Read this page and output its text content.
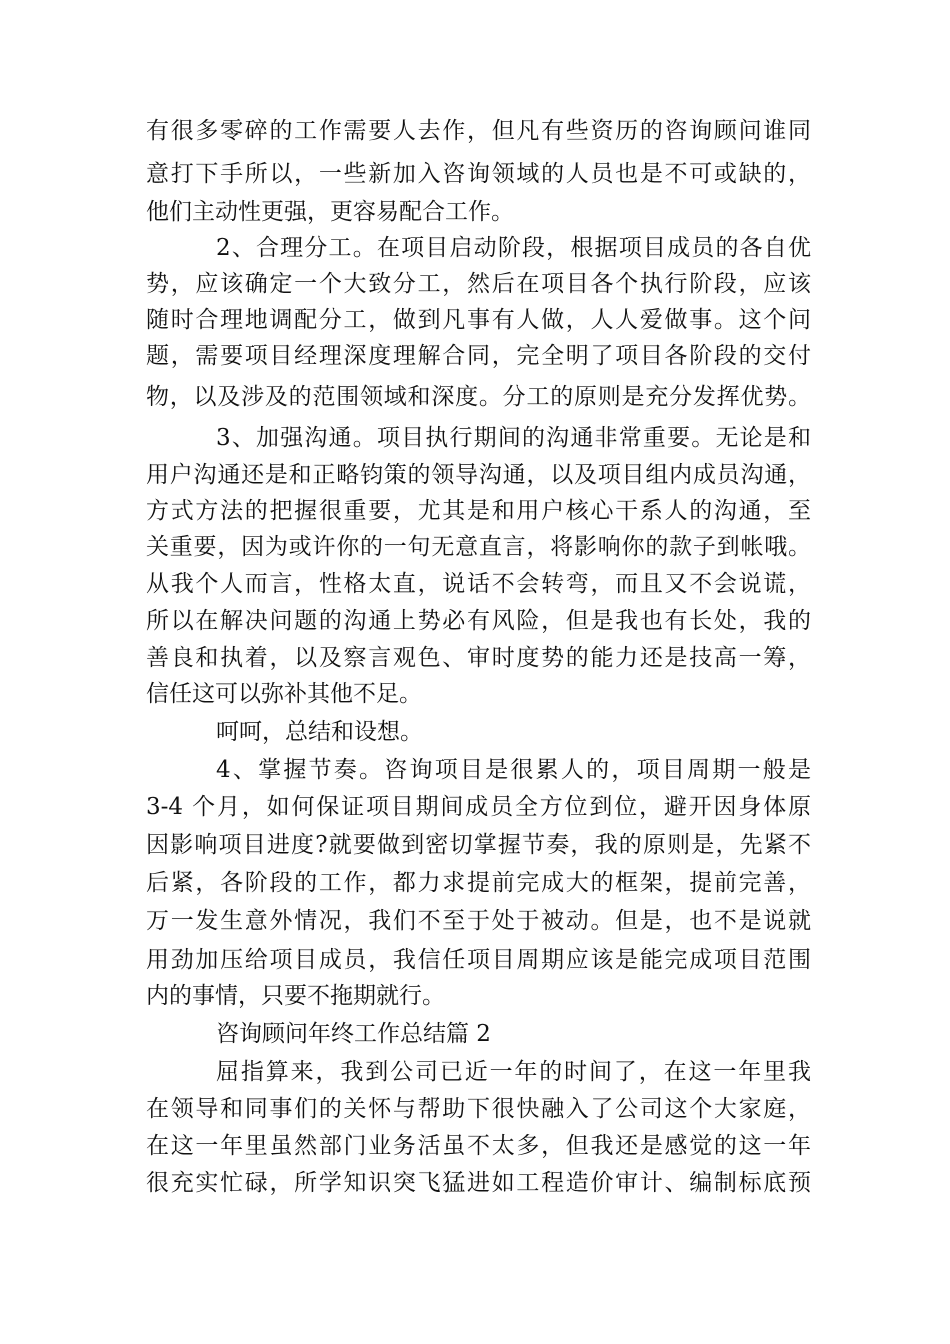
有很多零碎的工作需要人去作，但凡有些资历的咨询顾问谁同
意打下手所以，一些新加入咨询领域的人员也是不可或缺的，
他们主动性更强，更容易配合工作。
2、合理分工。在项目启动阶段，根据项目成员的各自优
势，应该确定一个大致分工，然后在项目各个执行阶段，应该
随时合理地调配分工，做到凡事有人做，人人爱做事。这个问
题，需要项目经理深度理解合同，完全明了项目各阶段的交付
物，以及涉及的范围领域和深度。分工的原则是充分发挥优势。
3、加强沟通。项目执行期间的沟通非常重要。无论是和
用户沟通还是和正略钧策的领导沟通，以及项目组内成员沟通，
方式方法的把握很重要，尤其是和用户核心干系人的沟通，至
关重要，因为或许你的一句无意直言，将影响你的款子到帐哦。
从我个人而言，性格太直，说话不会转弯，而且又不会说谎，
所以在解决问题的沟通上势必有风险，但是我也有长处，我的
善良和执着，以及察言观色、审时度势的能力还是技高一筹，
信任这可以弥补其他不足。
呵呵，总结和设想。
4、掌握节奏。咨询项目是很累人的，项目周期一般是
3-4 个月，如何保证项目期间成员全方位到位，避开因身体原
因影响项目进度?就要做到密切掌握节奏，我的原则是，先紧不
后紧，各阶段的工作，都力求提前完成大的框架，提前完善，
万一发生意外情况，我们不至于处于被动。但是，也不是说就
用劲加压给项目成员，我信任项目周期应该是能完成项目范围
内的事情，只要不拖期就行。
咨询顾问年终工作总结篇 2
屈指算来，我到公司已近一年的时间了，在这一年里我
在领导和同事们的关怀与帮助下很快融入了公司这个大家庭，
在这一年里虽然部门业务活虽不太多，但我还是感觉的这一年
很充实忙碌，所学知识突飞猛进如工程造价审计、编制标底预
